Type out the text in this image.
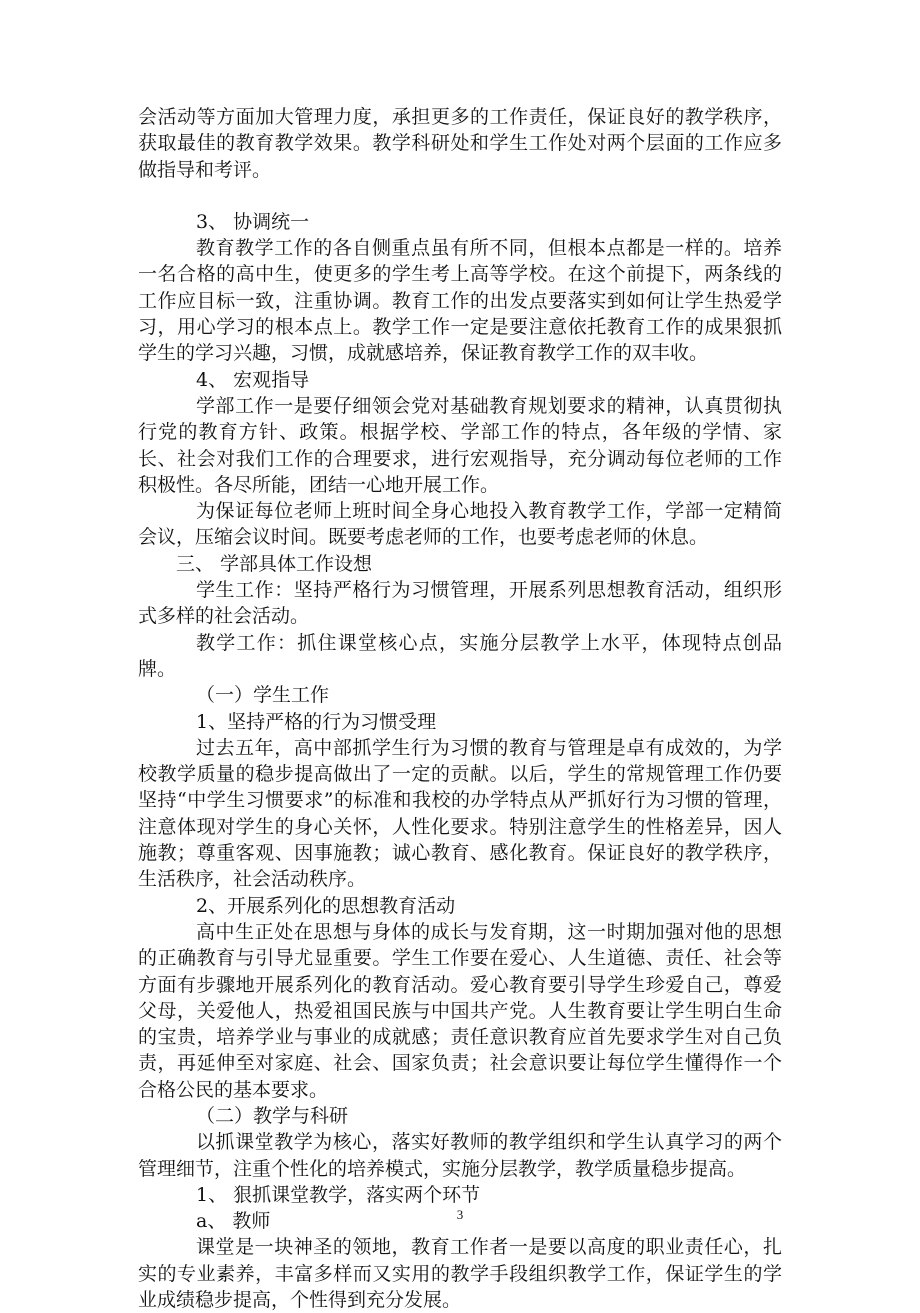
会活动等方面加大管理力度，承担更多的工作责任，保证良好的教学秩序，获取最佳的教育教学效果。教学科研处和学生工作处对两个层面的工作应多做指导和考评。

3、 协调统一

教育教学工作的各自侧重点虽有所不同，但根本点都是一样的。培养一名合格的高中生，使更多的学生考上高等学校。在这个前提下，两条线的工作应目标一致，注重协调。教育工作的出发点要落实到如何让学生热爱学习，用心学习的根本点上。教学工作一定是要注意依托教育工作的成果狠抓学生的学习兴趣，习惯，成就感培养，保证教育教学工作的双丰收。

4、 宏观指导

学部工作一是要仔细领会党对基础教育规划要求的精神，认真贯彻执行党的教育方针、政策。根据学校、学部工作的特点，各年级的学情、家长、社会对我们工作的合理要求，进行宏观指导，充分调动每位老师的工作积极性。各尽所能，团结一心地开展工作。

为保证每位老师上班时间全身心地投入教育教学工作，学部一定精简会议，压缩会议时间。既要考虑老师的工作，也要考虑老师的休息。

三、 学部具体工作设想

学生工作：坚持严格行为习惯管理，开展系列思想教育活动，组织形式多样的社会活动。

教学工作：抓住课堂核心点，实施分层教学上水平，体现特点创品牌。

（一）学生工作

1、坚持严格的行为习惯受理

过去五年，高中部抓学生行为习惯的教育与管理是卓有成效的，为学校教学质量的稳步提高做出了一定的贡献。以后，学生的常规管理工作仍要坚持“中学生习惯要求”的标准和我校的办学特点从严抓好行为习惯的管理，注意体现对学生的身心关怀，人性化要求。特别注意学生的性格差异，因人施教；尊重客观、因事施教；诚心教育、感化教育。保证良好的教学秩序，生活秩序，社会活动秩序。

2、开展系列化的思想教育活动

高中生正处在思想与身体的成长与发育期，这一时期加强对他的思想的正确教育与引导尤显重要。学生工作要在爱心、人生道德、责任、社会等方面有步骤地开展系列化的教育活动。爱心教育要引导学生珍爱自己，尊爱父母，关爱他人，热爱祖国民族与中国共产党。人生教育要让学生明白生命的宝贵，培养学业与事业的成就感；责任意识教育应首先要求学生对自己负责，再延伸至对家庭、社会、国家负责；社会意识要让每位学生懂得作一个合格公民的基本要求。

（二）教学与科研

以抓课堂教学为核心，落实好教师的教学组织和学生认真学习的两个管理细节，注重个性化的培养模式，实施分层教学，教学质量稳步提高。

1、 狠抓课堂教学，落实两个环节

a、 教师

课堂是一块神圣的领地，教育工作者一是要以高度的职业责任心，扎实的专业素养，丰富多样而又实用的教学手段组织教学工作，保证学生的学业成绩稳步提高，个性得到充分发展。

3
